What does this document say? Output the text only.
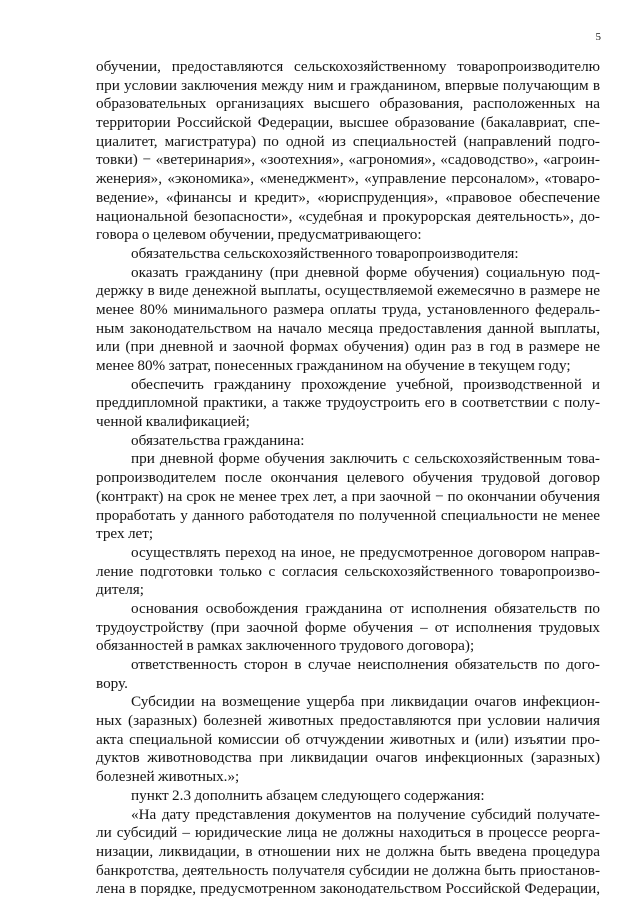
5
обучении, предоставляются сельскохозяйственному товаропроизводителю
при условии заключения между ним и гражданином, впервые получающим в
образовательных организациях высшего образования, расположенных на
территории Российской Федерации, высшее образование (бакалавриат, спе-
циалитет, магистратура) по одной из специальностей (направлений подго-
товки) − «ветеринария», «зоотехния», «агрономия», «садоводство», «агроин-
женерия», «экономика», «менеджмент», «управление персоналом», «товаро-
ведение», «финансы и кредит», «юриспруденция», «правовое обеспечение
национальной безопасности», «судебная и прокурорская деятельность», до-
говора о целевом обучении, предусматривающего:
обязательства сельскохозяйственного товаропроизводителя:
оказать гражданину (при дневной форме обучения) социальную под-
держку в виде денежной выплаты, осуществляемой ежемесячно в размере не
менее 80% минимального размера оплаты труда, установленного федераль-
ным законодательством на начало месяца предоставления данной выплаты,
или (при дневной и заочной формах обучения) один раз в год в размере не
менее 80% затрат, понесенных гражданином на обучение в текущем году;
обеспечить гражданину прохождение учебной, производственной и
преддипломной практики, а также трудоустроить его в соответствии с полу-
ченной квалификацией;
обязательства гражданина:
при дневной форме обучения заключить с сельскохозяйственным това-
ропроизводителем после окончания целевого обучения трудовой договор
(контракт) на срок не менее трех лет, а при заочной − по окончании обучения
проработать у данного работодателя по полученной специальности не менее
трех лет;
осуществлять переход на иное, не предусмотренное договором направ-
ление подготовки только с согласия сельскохозяйственного товаропроизво-
дителя;
основания освобождения гражданина от исполнения обязательств по
трудоустройству (при заочной форме обучения – от исполнения трудовых
обязанностей в рамках заключенного трудового договора);
ответственность сторон в случае неисполнения обязательств по дого-
вору.
Субсидии на возмещение ущерба при ликвидации очагов инфекцион-
ных (заразных) болезней животных предоставляются при условии наличия
акта специальной комиссии об отчуждении животных и (или) изъятии про-
дуктов животноводства при ликвидации очагов инфекционных (заразных)
болезней животных.»;
пункт 2.3 дополнить абзацем следующего содержания:
«На дату представления документов на получение субсидий получате-
ли субсидий – юридические лица не должны находиться в процессе реорга-
низации, ликвидации, в отношении них не должна быть введена процедура
банкротства, деятельность получателя субсидии не должна быть приостанов-
лена в порядке, предусмотренном законодательством Российской Федерации,
